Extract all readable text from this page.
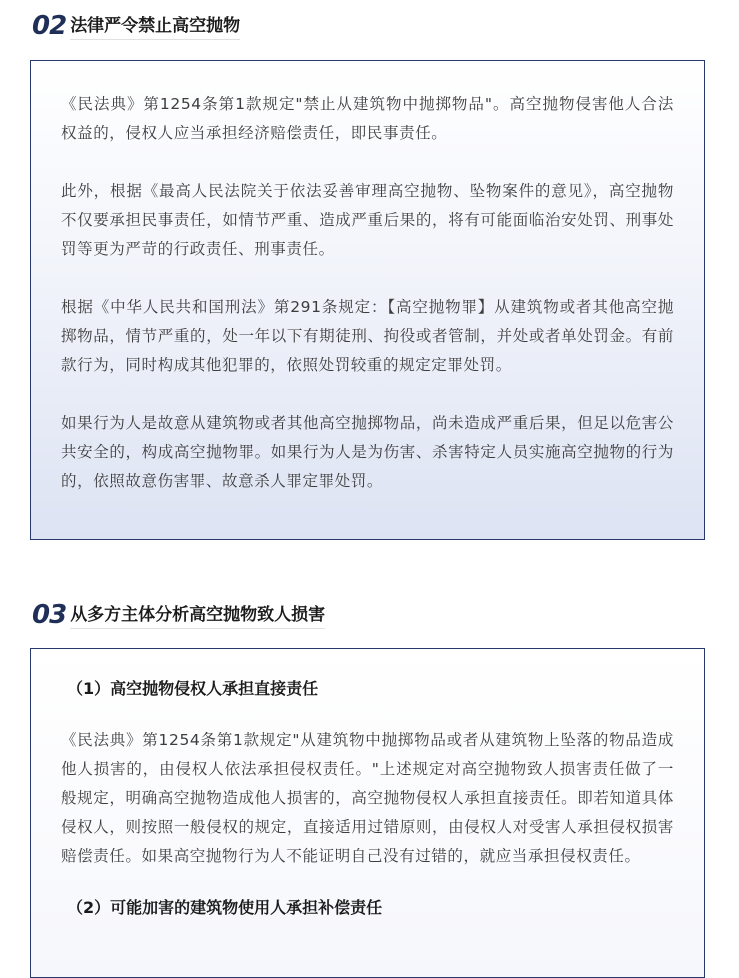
02 法律严令禁止高空抛物

《民法典》第1254条第1款规定"禁止从建筑物中抛掷物品"。高空抛物侵害他人合法权益的，侵权人应当承担经济赔偿责任，即民事责任。

此外，根据《最高人民法院关于依法妥善审理高空抛物、坠物案件的意见》，高空抛物不仅要承担民事责任，如情节严重、造成严重后果的，将有可能面临治安处罚、刑事处罚等更为严苛的行政责任、刑事责任。

根据《中华人民共和国刑法》第291条规定：【高空抛物罪】从建筑物或者其他高空抛掷物品，情节严重的，处一年以下有期徒刑、拘役或者管制，并处或者单处罚金。有前款行为，同时构成其他犯罪的，依照处罚较重的规定定罪处罚。

如果行为人是故意从建筑物或者其他高空抛掷物品，尚未造成严重后果，但足以危害公共安全的，构成高空抛物罪。如果行为人是为伤害、杀害特定人员实施高空抛物的行为的，依照故意伤害罪、故意杀人罪定罪处罚。

03 从多方主体分析高空抛物致人损害

（1）高空抛物侵权人承担直接责任

《民法典》第1254条第1款规定"从建筑物中抛掷物品或者从建筑物上坠落的物品造成他人损害的，由侵权人依法承担侵权责任。"上述规定对高空抛物致人损害责任做了一般规定，明确高空抛物造成他人损害的，高空抛物侵权人承担直接责任。即若知道具体侵权人，则按照一般侵权的规定，直接适用过错原则，由侵权人对受害人承担侵权损害赔偿责任。如果高空抛物行为人不能证明自己没有过错的，就应当承担侵权责任。

（2）可能加害的建筑物使用人承担补偿责任
